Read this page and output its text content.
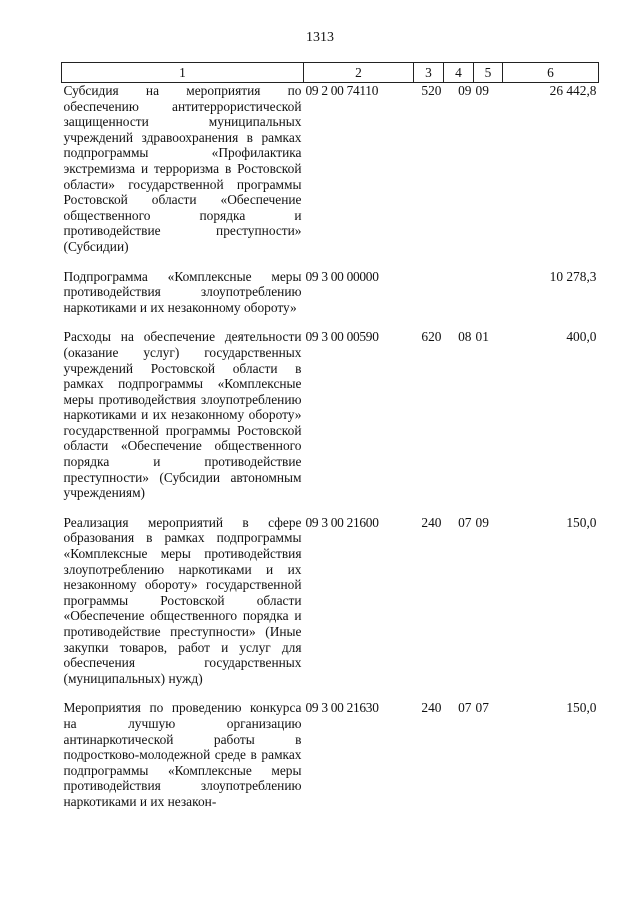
1313
1	2	3	4	5	6
Субсидия на мероприятия по обеспечению антитеррористической защищенности муниципальных учреждений здравоохранения в рамках подпрограммы «Профилактика экстремизма и терроризма в Ростовской области» государственной программы Ростовской области «Обеспечение общественного порядка и противодействие преступности» (Субсидии)	09 2 00 74110	520	09	09	26 442,8
Подпрограмма «Комплексные меры противодействия злоупотреблению наркотиками и их незаконному обороту»	09 3 00 00000				10 278,3
Расходы на обеспечение деятельности (оказание услуг) государственных учреждений Ростовской области в рамках подпрограммы «Комплексные меры противодействия злоупотреблению наркотиками и их незаконному обороту» государственной программы Ростовской области «Обеспечение общественного порядка и противодействие преступности» (Субсидии автономным учреждениям)	09 3 00 00590	620	08	01	400,0
Реализация мероприятий в сфере образования в рамках подпрограммы «Комплексные меры противодействия злоупотреблению наркотиками и их незаконному обороту» государственной программы Ростовской области «Обеспечение общественного порядка и противодействие преступности» (Иные закупки товаров, работ и услуг для обеспечения государственных (муниципальных) нужд)	09 3 00 21600	240	07	09	150,0
Мероприятия по проведению конкурса на лучшую организацию антинаркотической работы в подростково-молодежной среде в рамках подпрограммы «Комплексные меры противодействия злоупотреблению наркотиками и их незакон-	09 3 00 21630	240	07	07	150,0
